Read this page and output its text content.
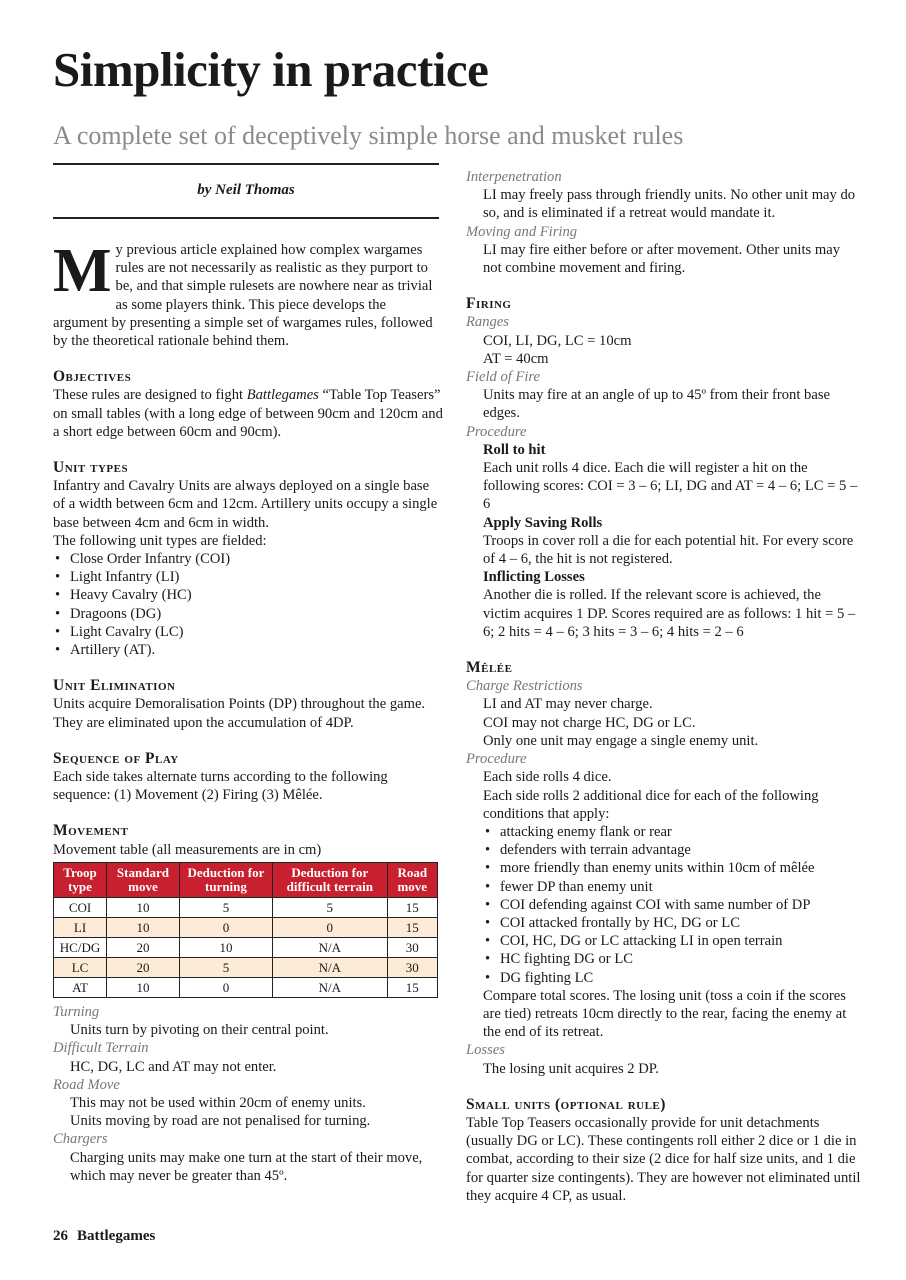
Simplicity in practice
A complete set of deceptively simple horse and musket rules
by Neil Thomas

My previous article explained how complex wargames rules are not necessarily as realistic as they purport to be, and that simple rulesets are nowhere near as trivial as some players think. This piece develops the argument by presenting a simple set of wargames rules, followed by the theoretical rationale behind them.

Objectives

These rules are designed to fight Battlegames “Table Top Teasers” on small tables (with a long edge of between 90cm and 120cm and a short edge between 60cm and 90cm).

Unit types

Infantry and Cavalry Units are always deployed on a single base of a width between 6cm and 12cm. Artillery units occupy a single base between 4cm and 6cm in width.

The following unit types are fielded:

• Close Order Infantry (COI)
• Light Infantry (LI)
• Heavy Cavalry (HC)
• Dragoons (DG)
• Light Cavalry (LC)
• Artillery (AT).

Unit Elimination

Units acquire Demoralisation Points (DP) throughout the game. They are eliminated upon the accumulation of 4DP.

Sequence of Play

Each side takes alternate turns according to the following sequence: (1) Movement (2) Firing (3) Mêlée.

Movement

Movement table (all measurements are in cm)

Troop type	Standard move	Deduction for turning	Deduction for difficult terrain	Road move
COI	10	5	5	15
LI	10	0	0	15
HC/DG	20	10	N/A	30
LC	20	5	N/A	30
AT	10	0	N/A	15

Turning

Units turn by pivoting on their central point.

Difficult Terrain

HC, DG, LC and AT may not enter.

Road Move

This may not be used within 20cm of enemy units.

Units moving by road are not penalised for turning.

Chargers

Charging units may make one turn at the start of their move, which may never be greater than 45º.

Interpenetration

LI may freely pass through friendly units. No other unit may do so, and is eliminated if a retreat would mandate it.

Moving and Firing

LI may fire either before or after movement. Other units may not combine movement and firing.

Firing

Ranges

COI, LI, DG, LC = 10cm

AT = 40cm

Field of Fire

Units may fire at an angle of up to 45º from their front base edges.

Procedure

Roll to hit

Each unit rolls 4 dice. Each die will register a hit on the following scores: COI = 3 – 6; LI, DG and AT = 4 – 6; LC = 5 – 6

Apply Saving Rolls

Troops in cover roll a die for each potential hit. For every score of 4 – 6, the hit is not registered.

Inflicting Losses

Another die is rolled. If the relevant score is achieved, the victim acquires 1 DP. Scores required are as follows: 1 hit = 5 – 6; 2 hits = 4 – 6; 3 hits = 3 – 6; 4 hits = 2 – 6

Mêlée

Charge Restrictions

LI and AT may never charge.

COI may not charge HC, DG or LC.

Only one unit may engage a single enemy unit.

Procedure

Each side rolls 4 dice.

Each side rolls 2 additional dice for each of the following conditions that apply:

• attacking enemy flank or rear
• defenders with terrain advantage
• more friendly than enemy units within 10cm of mêlée
• fewer DP than enemy unit
• COI defending against COI with same number of DP
• COI attacked frontally by HC, DG or LC
• COI, HC, DG or LC attacking LI in open terrain
• HC fighting DG or LC
• DG fighting LC

Compare total scores. The losing unit (toss a coin if the scores are tied) retreats 10cm directly to the rear, facing the enemy at the end of its retreat.

Losses

The losing unit acquires 2 DP.

Small units (optional rule)

Table Top Teasers occasionally provide for unit detachments (usually DG or LC). These contingents roll either 2 dice or 1 die in combat, according to their size (2 dice for half size units, and 1 die for quarter size contingents). They are however not eliminated until they acquire 4 CP, as usual.

26 Battlegames
